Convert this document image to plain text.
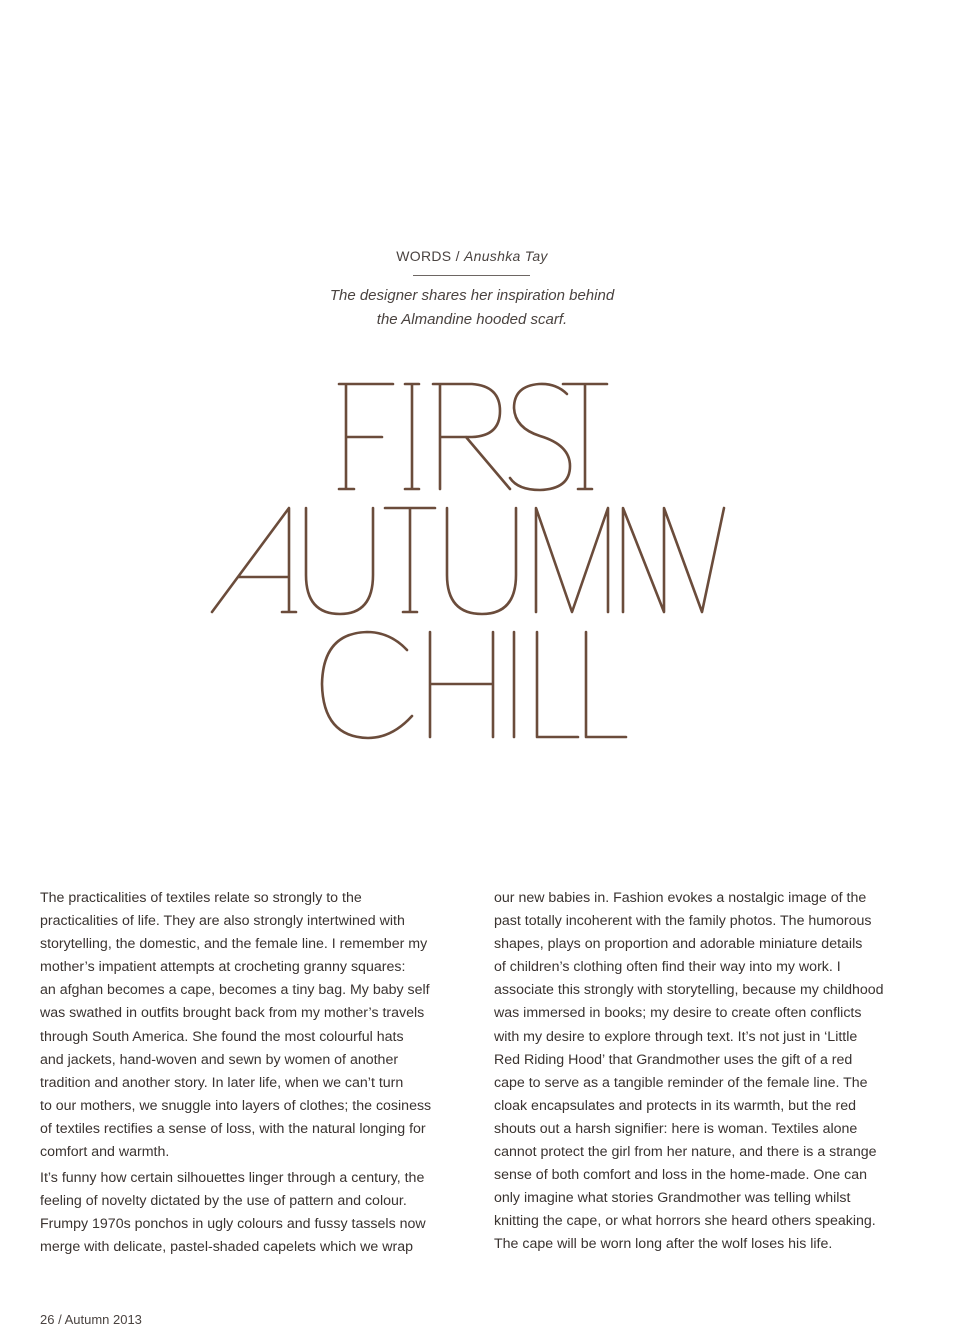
WORDS / Anushka Tay
The designer shares her inspiration behind
the Almandine hooded scarf.
The practicalities of textiles relate so strongly to the
practicalities of life. They are also strongly intertwined with
storytelling, the domestic, and the female line. I remember my
mother’s impatient attempts at crocheting granny squares:
an afghan becomes a cape, becomes a tiny bag. My baby self
was swathed in outfits brought back from my mother’s travels
through South America. She found the most colourful hats
and jackets, hand-woven and sewn by women of another
tradition and another story. In later life, when we can’t turn
to our mothers, we snuggle into layers of clothes; the cosiness
of textiles rectifies a sense of loss, with the natural longing for
comfort and warmth.
It’s funny how certain silhouettes linger through a century, the
feeling of novelty dictated by the use of pattern and colour.
Frumpy 1970s ponchos in ugly colours and fussy tassels now
merge with delicate, pastel-shaded capelets which we wrap
our new babies in. Fashion evokes a nostalgic image of the
past totally incoherent with the family photos. The humorous
shapes, plays on proportion and adorable miniature details
of children’s clothing often find their way into my work. I
associate this strongly with storytelling, because my childhood
was immersed in books; my desire to create often conflicts
with my desire to explore through text. It’s not just in ‘Little
Red Riding Hood’ that Grandmother uses the gift of a red
cape to serve as a tangible reminder of the female line. The
cloak encapsulates and protects in its warmth, but the red
shouts out a harsh signifier: here is woman. Textiles alone
cannot protect the girl from her nature, and there is a strange
sense of both comfort and loss in the home-made. One can
only imagine what stories Grandmother was telling whilst
knitting the cape, or what horrors she heard others speaking.
The cape will be worn long after the wolf loses his life.
26 / Autumn 2013
